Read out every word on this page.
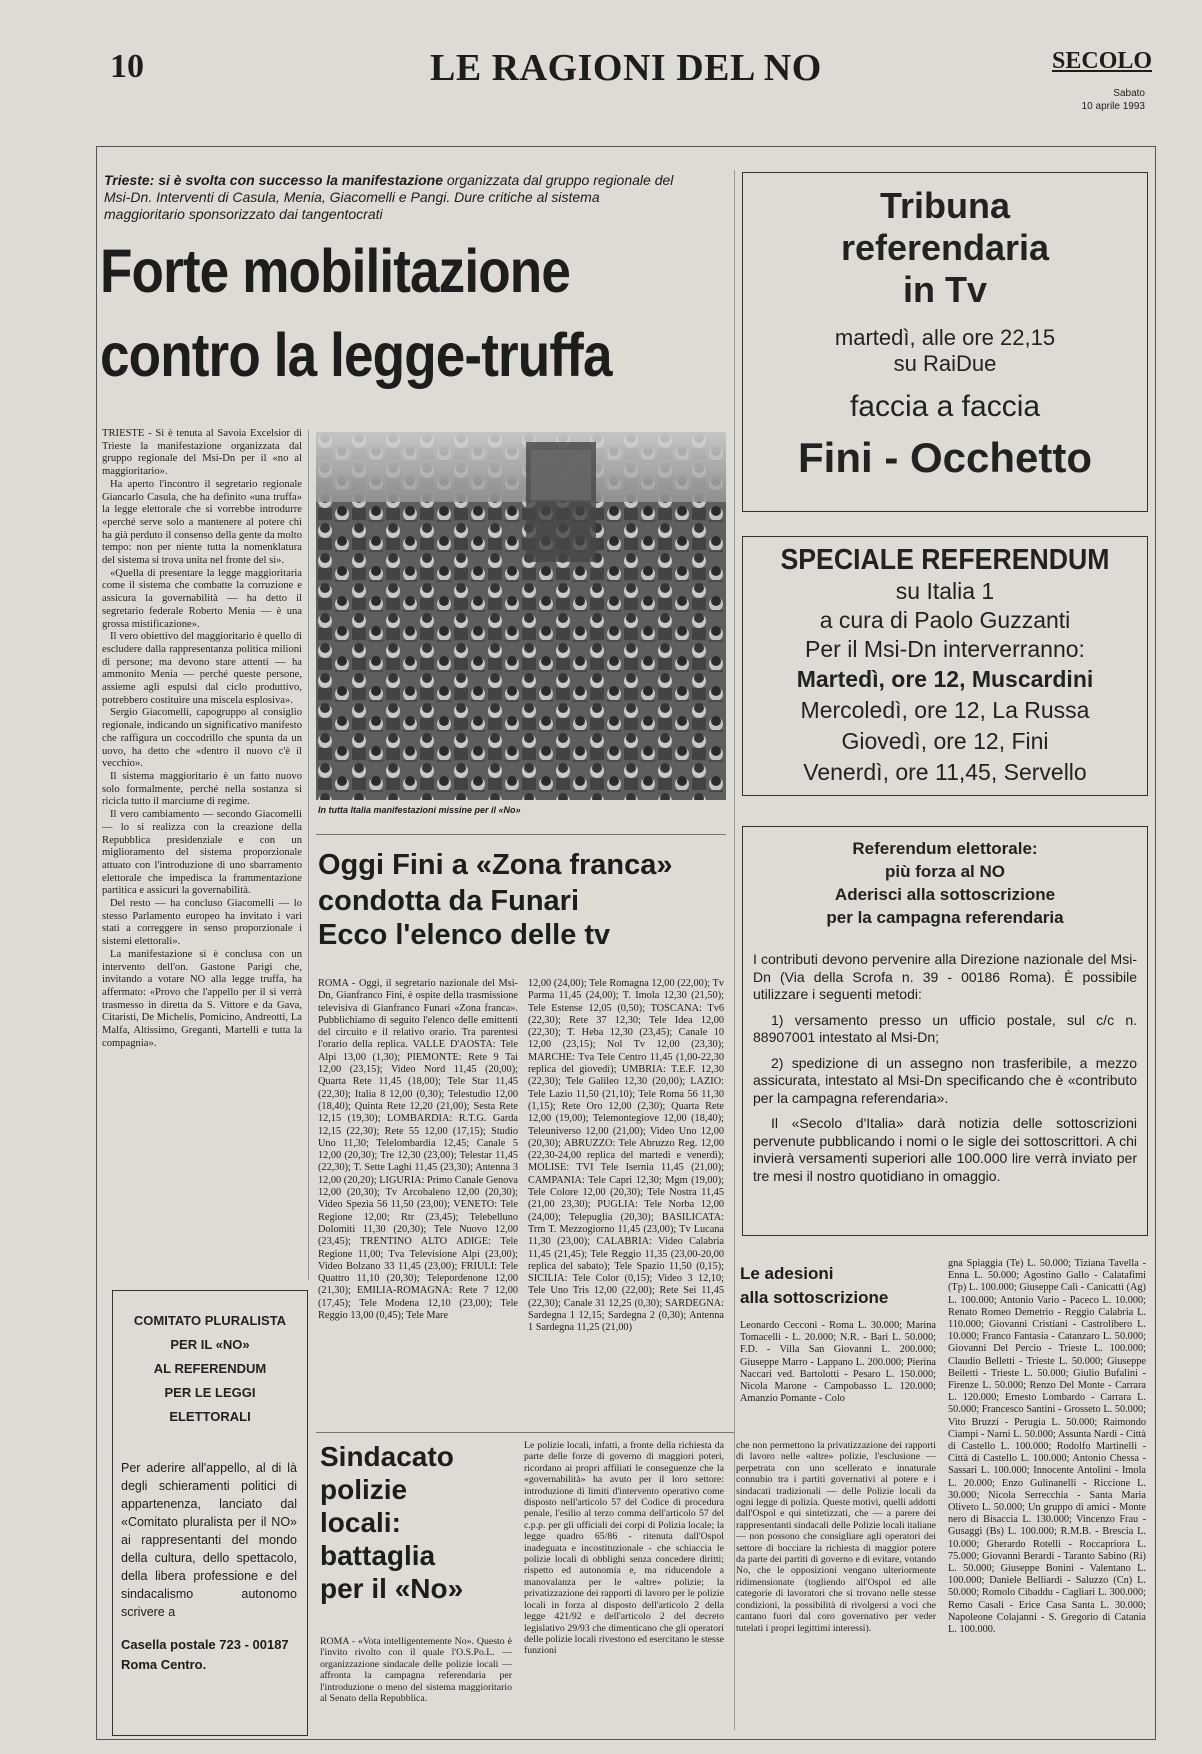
10	LE RAGIONI DEL NO	SECOLO
Sabato
10 aprile 1993
Trieste: si è svolta con successo la manifestazione organizzata dal gruppo regionale del Msi-Dn. Interventi di Casula, Menia, Giacomelli e Pangi. Dure critiche al sistema maggioritario sponsorizzato dai tangentocrati
Forte mobilitazione
contro la legge-truffa

TRIESTE - Si è tenuta al Savoia Excelsior di Trieste la manifestazione organizzata dal gruppo regionale del Msi-Dn per il «no al maggioritario».

Ha aperto l'incontro il segretario regionale Giancarlo Casula, che ha definito «una truffa» la legge elettorale che si vorrebbe introdurre «perché serve solo a mantenere al potere chi ha già perduto il consenso della gente da molto tempo: non per niente tutta la nomenklatura del sistema si trova unita nel fronte del sì».

«Quella di presentare la legge maggioritaria come il sistema che combatte la corruzione e assicura la governabilità — ha detto il segretario federale Roberto Menia — è una grossa mistificazione».

Il vero obiettivo del maggioritario è quello di escludere dalla rappresentanza politica milioni di persone; ma devono stare attenti — ha ammonito Menia — perché queste persone, assieme agli espulsi dal ciclo produttivo, potrebbero costituire una miscela esplosiva».

Sergio Giacomelli, capogruppo al consiglio regionale, indicando un significativo manifesto che raffigura un coccodrillo che spunta da un uovo, ha detto che «dentro il nuovo c'è il vecchio».

Il sistema maggioritario è un fatto nuovo solo formalmente, perché nella sostanza si ricicla tutto il marciume di regime.

Il vero cambiamento — secondo Giacomelli — lo si realizza con la creazione della Repubblica presidenziale e con un miglioramento del sistema proporzionale attuato con l'introduzione di uno sbarramento elettorale che impedisca la frammentazione partitica e assicuri la governabilità.

Del resto — ha concluso Giacomelli — lo stesso Parlamento europeo ha invitato i vari stati a correggere in senso proporzionale i sistemi elettorali».

La manifestazione si è conclusa con un intervento dell'on. Gastone Parigi che, invitando a votare NO alla legge truffa, ha affermato: «Provo che l'appello per il sì verrà trasmesso in diretta da S. Vittore e da Gava, Citaristi, De Michelis, Pomicino, Andreotti, La Malfa, Altissimo, Greganti, Martelli e tutta la compagnia».

In tutta Italia manifestazioni missine per il «No»
Oggi Fini a «Zona franca»
condotta da Funari
Ecco l'elenco delle tv
ROMA - Oggi, il segretario nazionale del Msi-Dn, Gianfranco Fini, è ospite della trasmissione televisiva di Gianfranco Funari «Zona franca». Pubblichiamo di seguito l'elenco delle emittenti del circuito e il relativo orario. Tra parentesi l'orario della replica. VALLE D'AOSTA: Tele Alpi 13,00 (1,30); PIEMONTE: Rete 9 Tai 12,00 (23,15); Video Nord 11,45 (20,00); Quarta Rete 11,45 (18,00); Tele Star 11,45 (22,30); Italia 8 12,00 (0,30); Telestudio 12,00 (18,40); Quinta Rete 12,20 (21,00); Sesta Rete 12,15 (19,30); LOMBARDIA: R.T.G. Garda 12,15 (22,30); Rete 55 12,00 (17,15); Studio Uno 11,30; Telelombardia 12,45; Canale 5 12,00 (20,30); Tre 12,30 (23,00); Telestar 11,45 (22,30); T. Sette Laghi 11,45 (23,30); Antenna 3 12,00 (20,20); LIGURIA: Primo Canale Genova 12,00 (20,30); Tv Arcobaleno 12,00 (20,30); Video Spezia 56 11,50 (23,00); VENETO: Tele Regione 12,00; Rtr (23,45); Telebelluno Dolomiti 11,30 (20,30); Tele Nuovo 12,00 (23,45); TRENTINO ALTO ADIGE: Tele Regione 11,00; Tva Televisione Alpi (23,00); Video Bolzano 33 11,45 (23,00); FRIULI: Tele Quattro 11,10 (20,30); Telepordenone 12,00 (21,30); EMILIA-ROMAGNA: Rete 7 12,00 (17,45); Tele Modena 12,10 (23,00); Tele Reggio 13,00 (0,45); Tele Mare
12,00 (24,00); Tele Romagna 12,00 (22,00); Tv Parma 11,45 (24,00); T. Imola 12,30 (21,50); Tele Estense 12,05 (0,50); TOSCANA: Tv6 (22,30); Rete 37 12,30; Tele Idea 12,00 (22,30); T. Heba 12,30 (23,45); Canale 10 12,00 (23,15); Nol Tv 12,00 (23,30); MARCHE: Tva Tele Centro 11,45 (1,00-22,30 replica del giovedì); UMBRIA: T.E.F. 12,30 (22,30); Tele Galileo 12,30 (20,00); LAZIO: Tele Lazio 11,50 (21,10); Tele Roma 56 11,30 (1,15); Rete Oro 12,00 (2,30); Quarta Rete 12,00 (19,00); Telemontegiove 12,00 (18,40); Teleuniverso 12,00 (21,00); Video Uno 12,00 (20,30); ABRUZZO: Tele Abruzzo Reg. 12,00 (22,30-24,00 replica del martedì e venerdì); MOLISE: TVI Tele Isernia 11,45 (21,00); CAMPANIA: Tele Capri 12,30; Mgm (19,00); Tele Colore 12,00 (20,30); Tele Nostra 11,45 (21,00 23,30); PUGLIA: Tele Norba 12,00 (24,00); Telepuglia (20,30); BASILICATA: Trm T. Mezzogiorno 11,45 (23,00); Tv Lucana 11,30 (23,00); CALABRIA: Video Calabria 11,45 (21,45); Tele Reggio 11,35 (23,00-20,00 replica del sabato); Tele Spazio 11,50 (0,15); SICILIA: Tele Color (0,15); Video 3 12,10; Tele Uno Tris 12,00 (22,00); Rete Sei 11,45 (22,30); Canale 31 12,25 (0,30); SARDEGNA: Sardegna 1 12,15; Sardegna 2 (0,30); Antenna 1 Sardegna 11,25 (21,00)
COMITATO PLURALISTA
PER IL «NO»
AL REFERENDUM
PER LE LEGGI
ELETTORALI
Per aderire all'appello, al di là degli schieramenti politici di appartenenza, lanciato dal «Comitato pluralista per il NO» ai rappresentanti del mondo della cultura, dello spettacolo, della libera professione e del sindacalismo autonomo scrivere a
Casella postale 723 - 00187 Roma Centro.
Sindacato
polizie
locali:
battaglia
per il «No»
ROMA - «Vota intelligentemente No». Questo è l'invito rivolto con il quale l'O.S.Po.L. — organizzazione sindacale delle polizie locali — affronta la campagna referendaria per l'introduzione o meno del sistema maggioritario al Senato della Repubblica.
Le polizie locali, infatti, a fronte della richiesta da parte delle forze di governo di maggiori poteri, ricordano ai propri affiliati le conseguenze che la «governabilità» ha avuto per il loro settore: introduzione di limiti d'intervento operativo come disposto nell'articolo 57 del Codice di procedura penale, l'esilio al terzo comma dell'articolo 57 del c.p.p. per gli ufficiali dei corpi di Polizia locale; la legge quadro 65/86 - ritenuta dall'Ospol inadeguata e incostituzionale - che schiaccia le polizie locali di obblighi senza concedere diritti; rispetto ed autonomia e, ma riducendole a manovalanza per le «altre» polizie; la privatizzazione dei rapporti di lavoro per le polizie locali in forza al disposto dell'articolo 2 della legge 421/92 e dell'articolo 2 del decreto legislativo 29/93 che dimenticano che gli operatori delle polizie locali rivestono ed esercitano le stesse funzioni
che non permettono la privatizzazione dei rapporti di lavoro nelle «altre» polizie, l'esclusione — perpetrata con uno scellerato e innaturale connubio tra i partiti governativi al potere e i sindacati tradizionali — delle Polizie locali da ogni legge di polizia. Queste motivi, quelli addotti dall'Ospol e qui sintetizzati, che — a parere dei rappresentanti sindacali delle Polizie locali italiane — non possono che consigliare agli operatori dei settore di bocciare la richiesta di maggior potere da parte dei partiti di governo e di evitare, votando No, che le opposizioni vengano ulteriormente ridimensionate (togliendo all'Ospol ed alle categorie di lavoratori che si trovano nelle stesse condizioni, la possibilità di rivolgersi a voci che cantano fuori dal coro governativo per veder tutelati i propri legittimi interessi).
Tribuna
referendaria
in Tv
martedì, alle ore 22,15
su RaiDue
faccia a faccia
Fini - Occhetto
SPECIALE REFERENDUM
su Italia 1
a cura di Paolo Guzzanti
Per il Msi-Dn interverranno:
Martedì, ore 12, Muscardini
Mercoledì, ore 12, La Russa
Giovedì, ore 12, Fini
Venerdì, ore 11,45, Servello
Referendum elettorale:
più forza al NO
Aderisci alla sottoscrizione
per la campagna referendaria

I contributi devono pervenire alla Direzione nazionale del Msi-Dn (Via della Scrofa n. 39 - 00186 Roma). È possibile utilizzare i seguenti metodi:

1) versamento presso un ufficio postale, sul c/c n. 88907001 intestato al Msi-Dn;

2) spedizione di un assegno non trasferibile, a mezzo assicurata, intestato al Msi-Dn specificando che è «contributo per la campagna referendaria».

Il «Secolo d'Italia» darà notizia delle sottoscrizioni pervenute pubblicando i nomi o le sigle dei sottoscrittori. A chi invierà versamenti superiori alle 100.000 lire verrà inviato per tre mesi il nostro quotidiano in omaggio.

Le adesioni
alla sottoscrizione
Leonardo Cecconi - Roma L. 30.000; Marina Tomacelli - L. 20.000; N.R. - Bari L. 50.000; F.D. - Villa San Giovanni L. 200.000; Giuseppe Marro - Lappano L. 200.000; Pierina Naccari ved. Bartolotti - Pesaro L. 150.000; Nicola Marone - Campobasso L. 120.000; Amanzio Pomante - Colo
gna Spiaggia (Te) L. 50.000; Tiziana Tavella - Enna L. 50.000; Agostino Gallo - Calatafimi (Tp) L. 100.000; Giuseppe Calì - Canicattì (Ag) L. 100.000; Antonio Vario - Paceco L. 10.000; Renato Romeo Demetrio - Reggio Calabria L. 110.000; Giovanni Cristiani - Castrolibero L. 10.000; Franco Fantasia - Catanzaro L. 50.000; Giovanni Del Percio - Trieste L. 100.000; Claudio Belletti - Trieste L. 50.000; Giuseppe Beiletti - Trieste L. 50.000; Giulio Bufalini - Firenze L. 50.000; Renzo Del Monte - Carrara L. 120.000; Ernesto Lombardo - Carrara L. 50.000; Francesco Santini - Grosseto L. 50.000; Vito Bruzzi - Perugia L. 50.000; Raimondo Ciampi - Narni L. 50.000; Assunta Nardi - Città di Castello L. 100.000; Rodolfo Martinelli - Città di Castello L. 100.000; Antonio Chessa - Sassari L. 100.000; Innocente Antolini - Imola L. 20.000; Enzo Gulinanelli - Riccione L. 30.000; Nicola Serrecchia - Santa Maria Oliveto L. 50.000; Un gruppo di amici - Monte nero di Bisaccia L. 130.000; Vincenzo Frau - Gusaggi (Bs) L. 100.000; R.M.B. - Brescia L. 10.000; Gherardo Rotelli - Roccapriora L. 75.000; Giovanni Berardi - Taranto Sabino (Ri) L. 50.000; Giuseppe Bonini - Valentano L. 100.000; Daniele Belliardi - Saluzzo (Cn) L. 50.000; Romolo Cibaddu - Cagliari L. 300.000; Remo Casali - Erice Casa Santa L. 30.000; Napoleone Colajanni - S. Gregorio di Catania L. 100.000.
